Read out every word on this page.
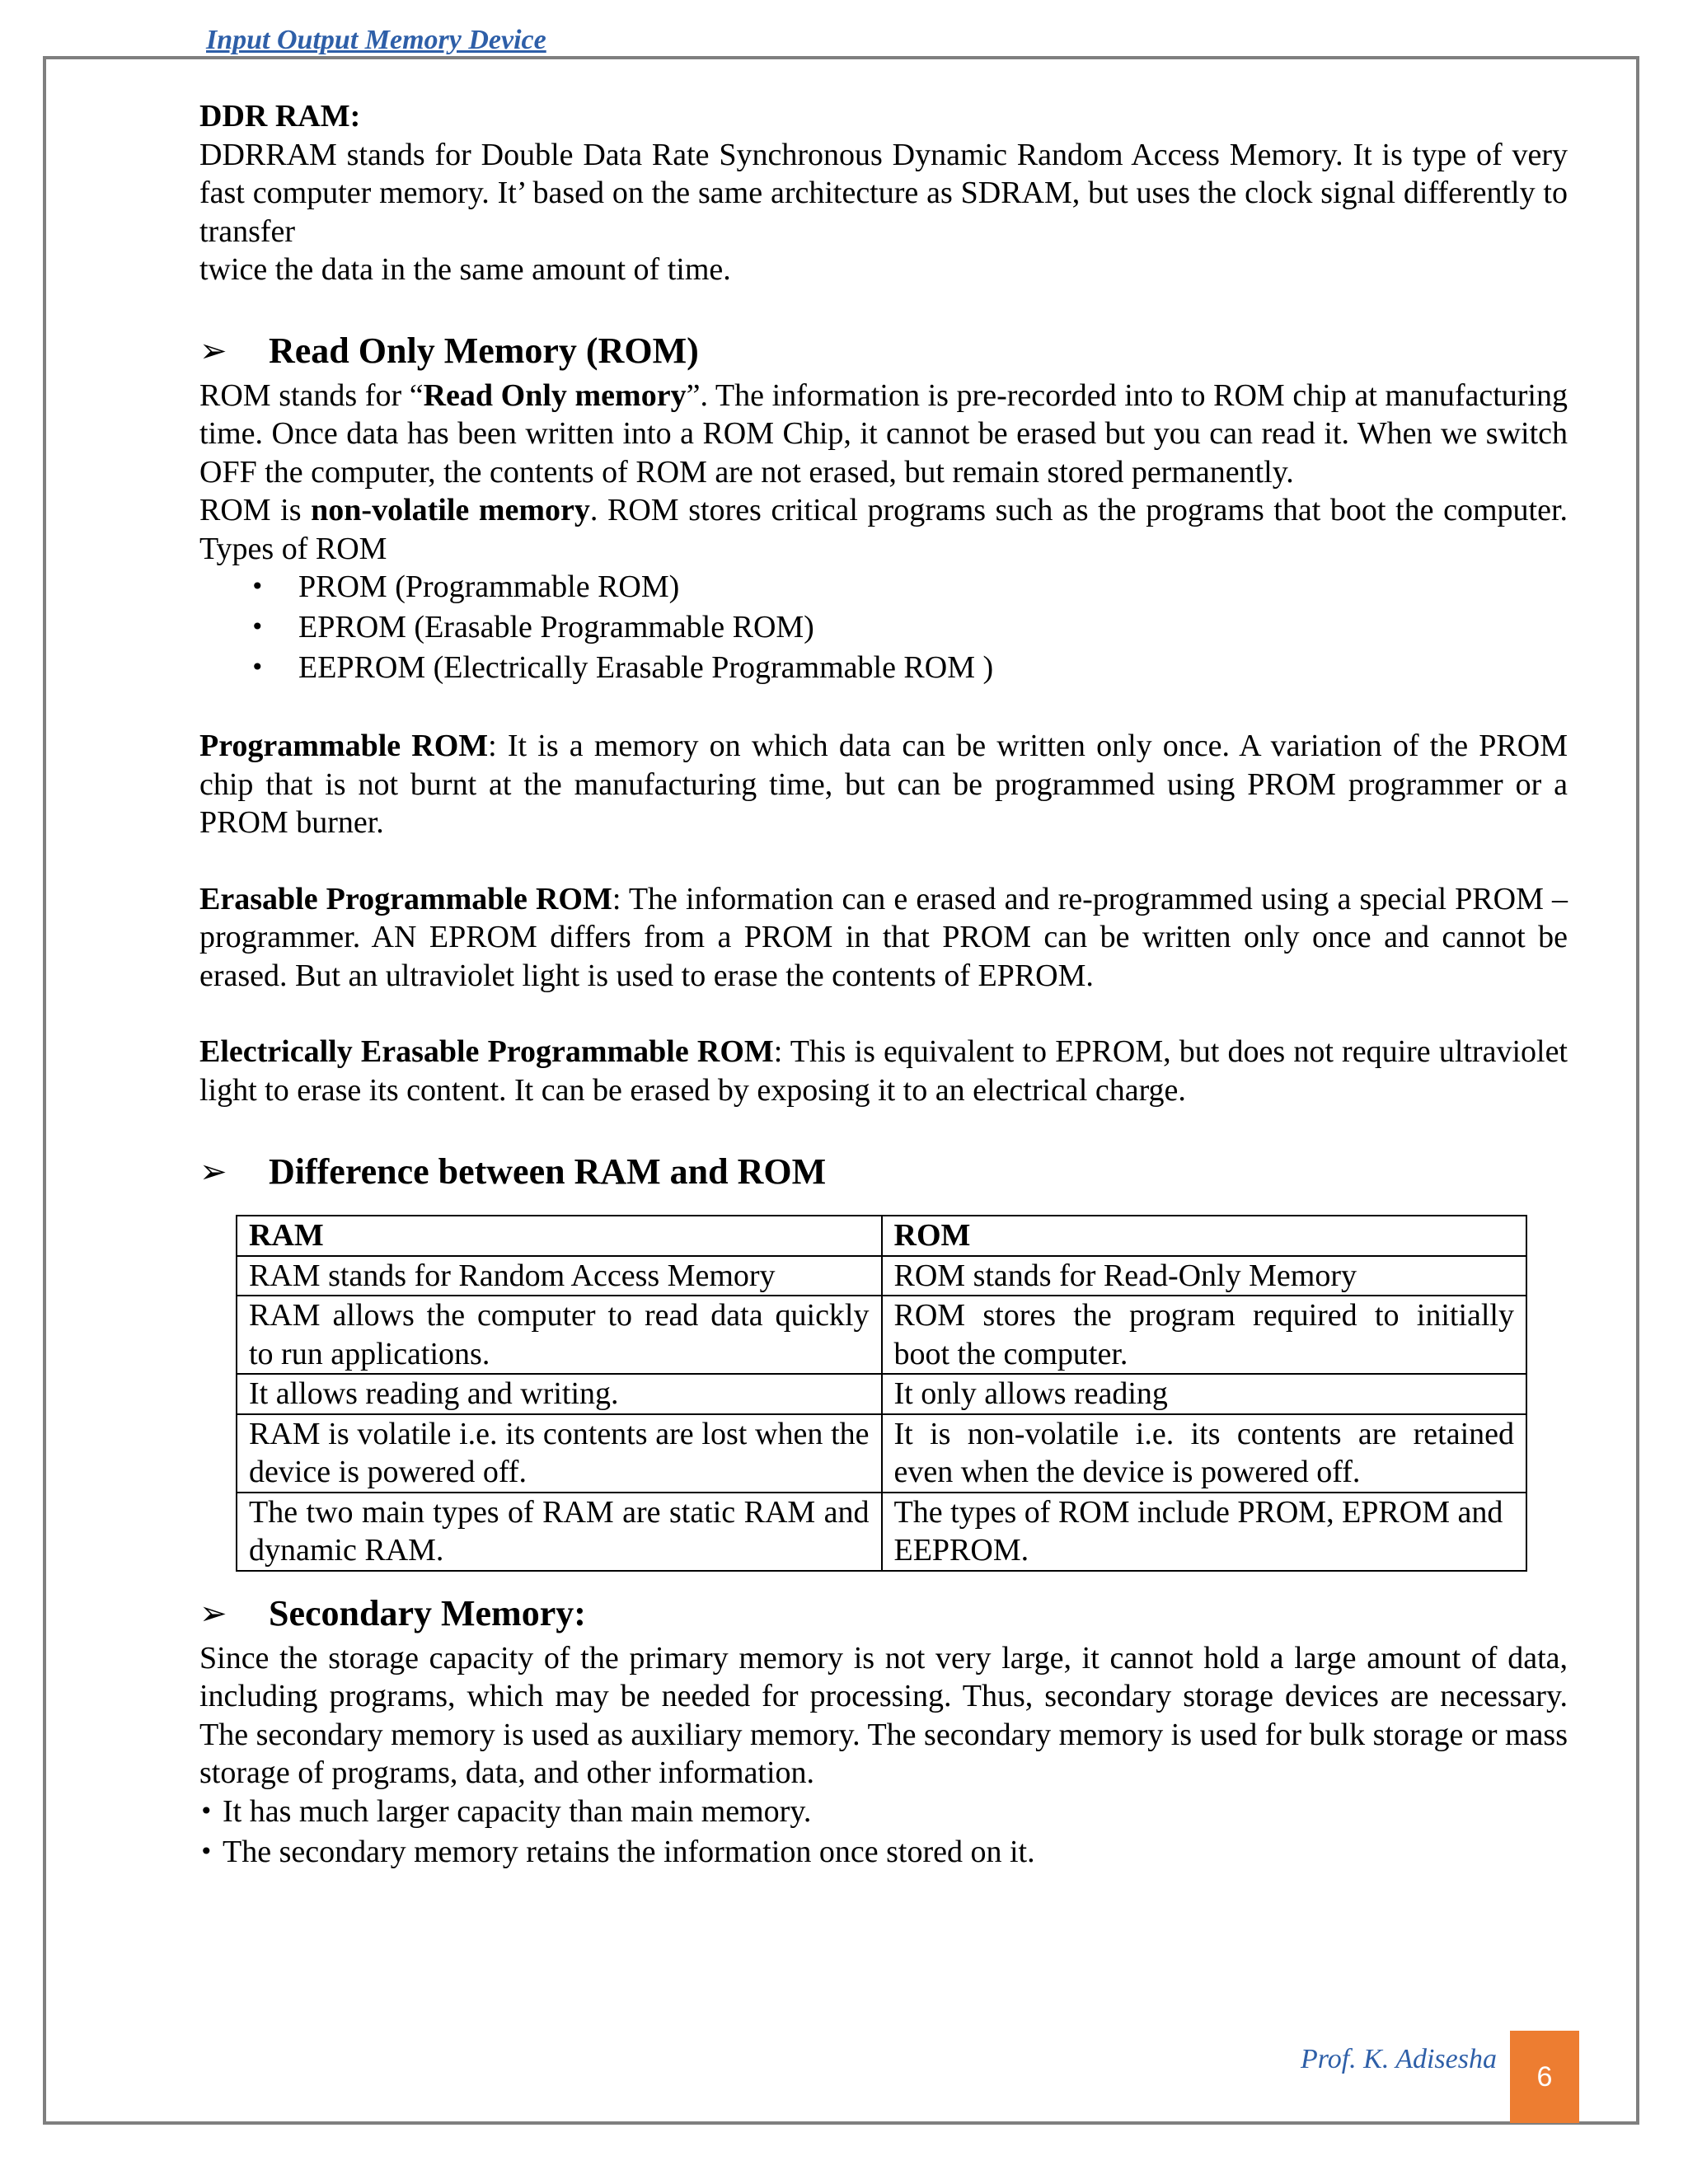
Input Output Memory Device

DDR RAM:

DDRRAM stands for Double Data Rate Synchronous Dynamic Random Access Memory. It is type of very fast computer memory. It’ based on the same architecture as SDRAM, but uses the clock signal differently to transfer

twice the data in the same amount of time.

➢	Read Only Memory (ROM)

ROM stands for “Read Only memory”. The information is pre-recorded into to ROM chip at manufacturing time. Once data has been written into a ROM Chip, it cannot be erased but you can read it. When we switch OFF the computer, the contents of ROM are not erased, but remain stored permanently.

ROM is non-volatile memory. ROM stores critical programs such as the programs that boot the computer. Types of ROM

• PROM (Programmable ROM)
• EPROM (Erasable Programmable ROM)
• EEPROM (Electrically Erasable Programmable ROM )

Programmable ROM: It is a memory on which data can be written only once. A variation of the PROM chip that is not burnt at the manufacturing time, but can be programmed using PROM programmer or a PROM burner.

Erasable Programmable ROM: The information can e erased and re-programmed using a special PROM – programmer. AN EPROM differs from a PROM in that PROM can be written only once and cannot be erased. But an ultraviolet light is used to erase the contents of EPROM.

Electrically Erasable Programmable ROM: This is equivalent to EPROM, but does not require ultraviolet light to erase its content. It can be erased by exposing it to an electrical charge.

➢	Difference between RAM and ROM
RAM	ROM
RAM stands for Random Access Memory	ROM stands for Read-Only Memory
RAM allows the computer to read data quickly to run applications.	ROM stores the program required to initially boot the computer.
It allows reading and writing.	It only allows reading
RAM is volatile i.e. its contents are lost when the device is powered off.	It is non-volatile i.e. its contents are retained even when the device is powered off.
The two main types of RAM are static RAM and dynamic RAM.	The types of ROM include PROM, EPROM and EEPROM.
➢	Secondary Memory:

Since the storage capacity of the primary memory is not very large, it cannot hold a large amount of data, including programs, which may be needed for processing. Thus, secondary storage devices are necessary. The secondary memory is used as auxiliary memory. The secondary memory is used for bulk storage or mass storage of programs, data, and other information.

• It has much larger capacity than main memory.
• The secondary memory retains the information once stored on it.
Prof. K. Adisesha
6
